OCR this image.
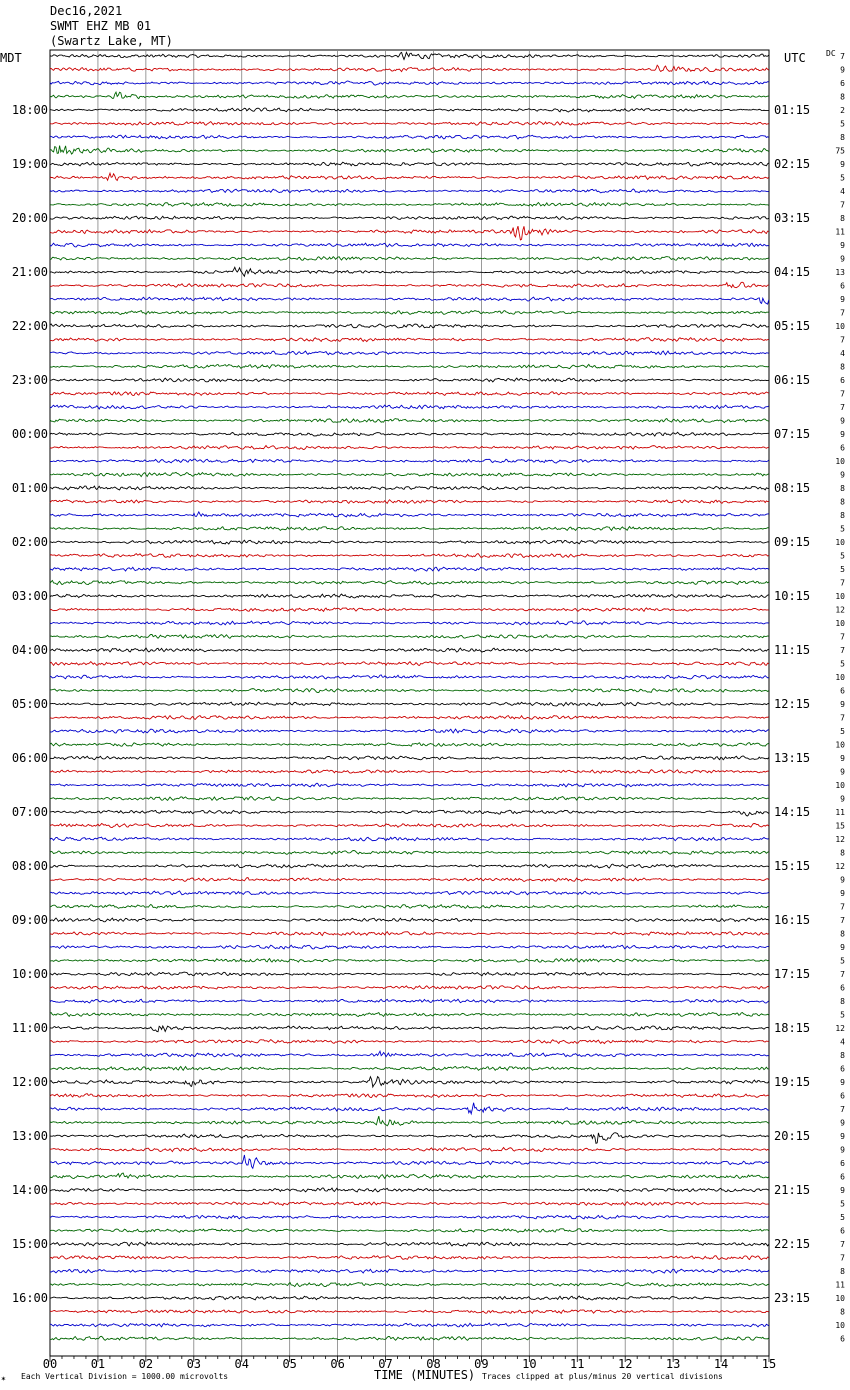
Dec16,2021
SWMT EHZ MB 01
(Swartz Lake, MT)
MDT	UTC	DC
00	01	02	03	04	05	06	07	08	09	10	11	12	13	14	15
18:00
19:00
20:00
21:00
22:00
23:00
00:00
01:00
02:00
03:00
04:00
05:00
06:00
07:00
08:00
09:00
10:00
11:00
12:00
13:00
14:00
15:00
16:00
01:15
02:15
03:15
04:15
05:15
06:15
07:15
08:15
09:15
10:15
11:15
12:15
13:15
14:15
15:15
16:15
17:15
18:15
19:15
20:15
21:15
22:15
23:15
7
9
6
8
2
5
8
75
9
5
4
7
8
11
9
9
13
6
9
7
10
7
4
8
6
7
7
9
9
6
10
9
8
8
8
5
10
5
5
7
10
12
10
7
7
5
10
6
9
7
5
10
9
9
10
9
11
15
12
8
12
9
9
7
7
8
9
5
7
6
8
5
12
4
8
6
9
6
7
9
9
9
6
6
9
5
5
6
7
7
8
11
10
8
10
6
✶ Each Vertical Division = 1000.00 microvolts	TIME (MINUTES) Traces clipped at plus/minus 20 vertical divisions
